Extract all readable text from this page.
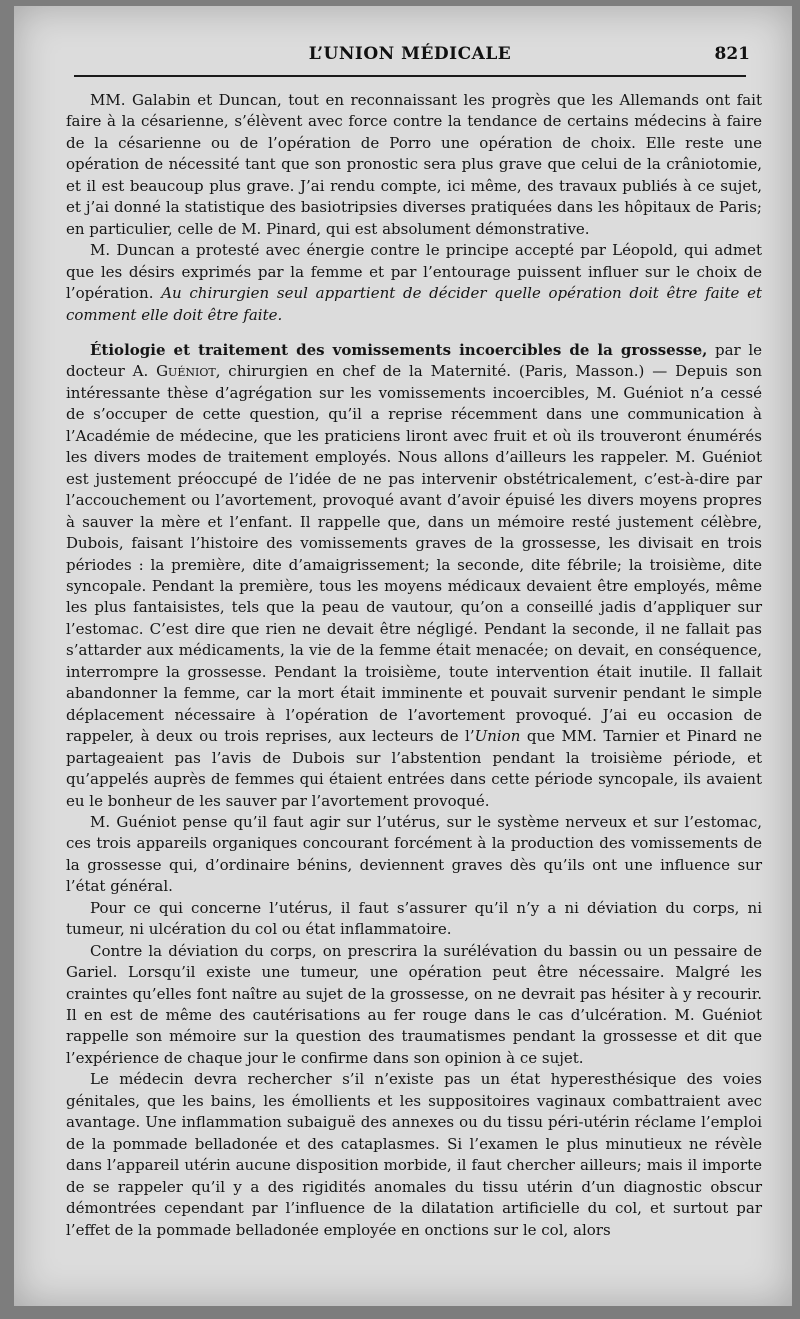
L’UNION MÉDICALE	821

MM. Galabin et Duncan, tout en reconnaissant les progrès que les Allemands ont fait faire à la césarienne, s’élèvent avec force contre la tendance de certains médecins à faire de la césarienne ou de l’opération de Porro une opération de choix. Elle reste une opération de nécessité tant que son pronostic sera plus grave que celui de la crâniotomie, et il est beaucoup plus grave. J’ai rendu compte, ici même, des travaux publiés à ce sujet, et j’ai donné la statistique des basiotripsies diverses pratiquées dans les hôpitaux de Paris; en particulier, celle de M. Pinard, qui est absolument démonstrative.

M. Duncan a protesté avec énergie contre le principe accepté par Léopold, qui admet que les désirs exprimés par la femme et par l’entourage puissent influer sur le choix de l’opération. Au chirurgien seul appartient de décider quelle opération doit être faite et comment elle doit être faite.

Étiologie et traitement des vomissements incoercibles de la grossesse, par le docteur A. Guéniot, chirurgien en chef de la Maternité. (Paris, Masson.) — Depuis son intéressante thèse d’agrégation sur les vomissements incoercibles, M. Guéniot n’a cessé de s’occuper de cette question, qu’il a reprise récemment dans une communication à l’Académie de médecine, que les praticiens liront avec fruit et où ils trouveront énumérés les divers modes de traitement employés. Nous allons d’ailleurs les rappeler. M. Guéniot est justement préoccupé de l’idée de ne pas intervenir obstétricalement, c’est-à-dire par l’accouchement ou l’avortement, provoqué avant d’avoir épuisé les divers moyens propres à sauver la mère et l’enfant. Il rappelle que, dans un mémoire resté justement célèbre, Dubois, faisant l’histoire des vomissements graves de la grossesse, les divisait en trois périodes : la première, dite d’amaigrissement; la seconde, dite fébrile; la troisième, dite syncopale. Pendant la première, tous les moyens médicaux devaient être employés, même les plus fantaisistes, tels que la peau de vautour, qu’on a conseillé jadis d’appliquer sur l’estomac. C’est dire que rien ne devait être négligé. Pendant la seconde, il ne fallait pas s’attarder aux médicaments, la vie de la femme était menacée; on devait, en conséquence, interrompre la grossesse. Pendant la troisième, toute intervention était inutile. Il fallait abandonner la femme, car la mort était imminente et pouvait survenir pendant le simple déplacement nécessaire à l’opération de l’avortement provoqué. J’ai eu occasion de rappeler, à deux ou trois reprises, aux lecteurs de l’Union que MM. Tarnier et Pinard ne partageaient pas l’avis de Dubois sur l’abstention pendant la troisième période, et qu’appelés auprès de femmes qui étaient entrées dans cette période syncopale, ils avaient eu le bonheur de les sauver par l’avortement provoqué.

M. Guéniot pense qu’il faut agir sur l’utérus, sur le système nerveux et sur l’estomac, ces trois appareils organiques concourant forcément à la production des vomissements de la grossesse qui, d’ordinaire bénins, deviennent graves dès qu’ils ont une influence sur l’état général.

Pour ce qui concerne l’utérus, il faut s’assurer qu’il n’y a ni déviation du corps, ni tumeur, ni ulcération du col ou état inflammatoire.

Contre la déviation du corps, on prescrira la surélévation du bassin ou un pessaire de Gariel. Lorsqu’il existe une tumeur, une opération peut être nécessaire. Malgré les craintes qu’elles font naître au sujet de la grossesse, on ne devrait pas hésiter à y recourir. Il en est de même des cautérisations au fer rouge dans le cas d’ulcération. M. Guéniot rappelle son mémoire sur la question des traumatismes pendant la grossesse et dit que l’expérience de chaque jour le confirme dans son opinion à ce sujet.

Le médecin devra rechercher s’il n’existe pas un état hyperesthésique des voies génitales, que les bains, les émollients et les suppositoires vaginaux combattraient avec avantage. Une inflammation subaiguë des annexes ou du tissu péri-utérin réclame l’emploi de la pommade belladonée et des cataplasmes. Si l’examen le plus minutieux ne révèle dans l’appareil utérin aucune disposition morbide, il faut chercher ailleurs; mais il importe de se rappeler qu’il y a des rigidités anomales du tissu utérin d’un diagnostic obscur démontrées cependant par l’influence de la dilatation artificielle du col, et surtout par l’effet de la pommade belladonée employée en onctions sur le col, alors
